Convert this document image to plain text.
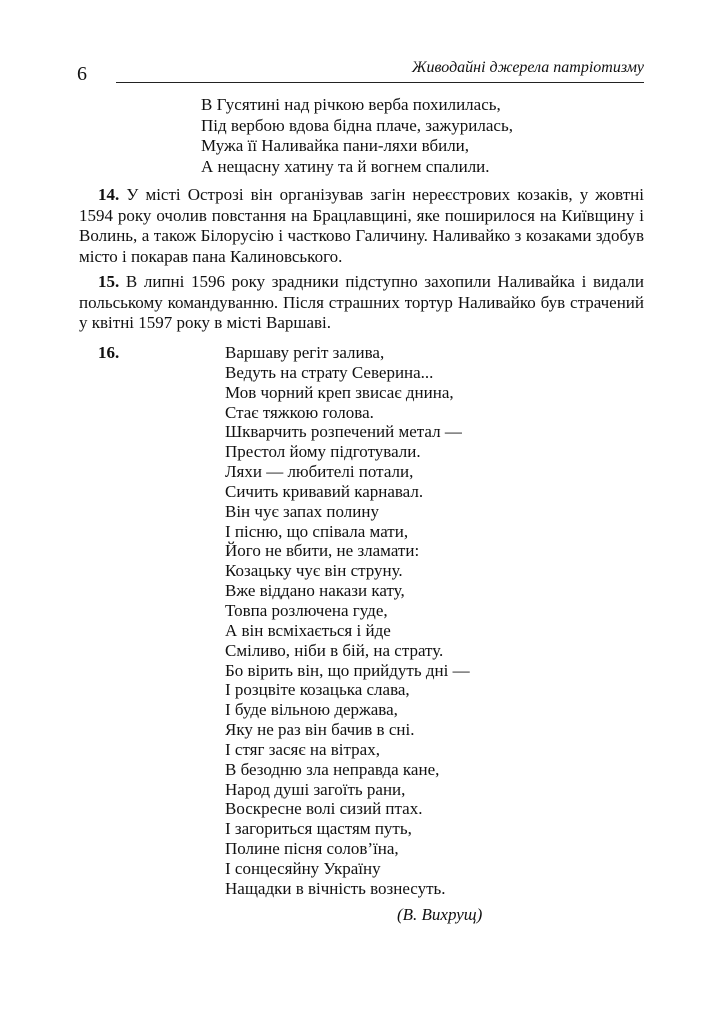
6	Живодайні джерела патріотизму
В Гусятині над річкою верба похилилась,
Під вербою вдова бідна плаче, зажурилась,
Мужа її Наливайка пани-ляхи вбили,
А нещасну хатину та й вогнем спалили.

14. У місті Острозі він організував загін нереєстрових козаків, у жовтні 1594 року очолив повстання на Брацлавщині, яке поширилося на Київщину і Волинь, а також Білорусію і частково Галичину. Наливайко з козаками здобув місто і покарав пана Калиновського.

15. В липні 1596 року зрадники підступно захопили Наливайка і видали польському командуванню. Після страшних тортур Наливайко був страчений у квітні 1597 року в місті Варшаві.

16.	Варшаву регіт залива,
Ведуть на страту Северина...
Мов чорний креп звисає днина,
Стає тяжкою голова.
Шкварчить розпечений метал —
Престол йому підготували.
Ляхи — любителі потали,
Сичить кривавий карнавал.
Він чує запах полину
І пісню, що співала мати,
Його не вбити, не зламати:
Козацьку чує він струну.
Вже віддано накази кату,
Товпа розлючена гуде,
А він всміхається і йде
Сміливо, ніби в бій, на страту.
Бо вірить він, що прийдуть дні —
І розцвіте козацька слава,
І буде вільною держава,
Яку не раз він бачив в сні.
І стяг засяє на вітрах,
В безодню зла неправда кане,
Народ душі загоїть рани,
Воскресне волі сизий птах.
І загориться щастям путь,
Полине пісня солов’їна,
І сонцесяйну Україну
Нащадки в вічність вознесуть.
(В. Вихрущ)
